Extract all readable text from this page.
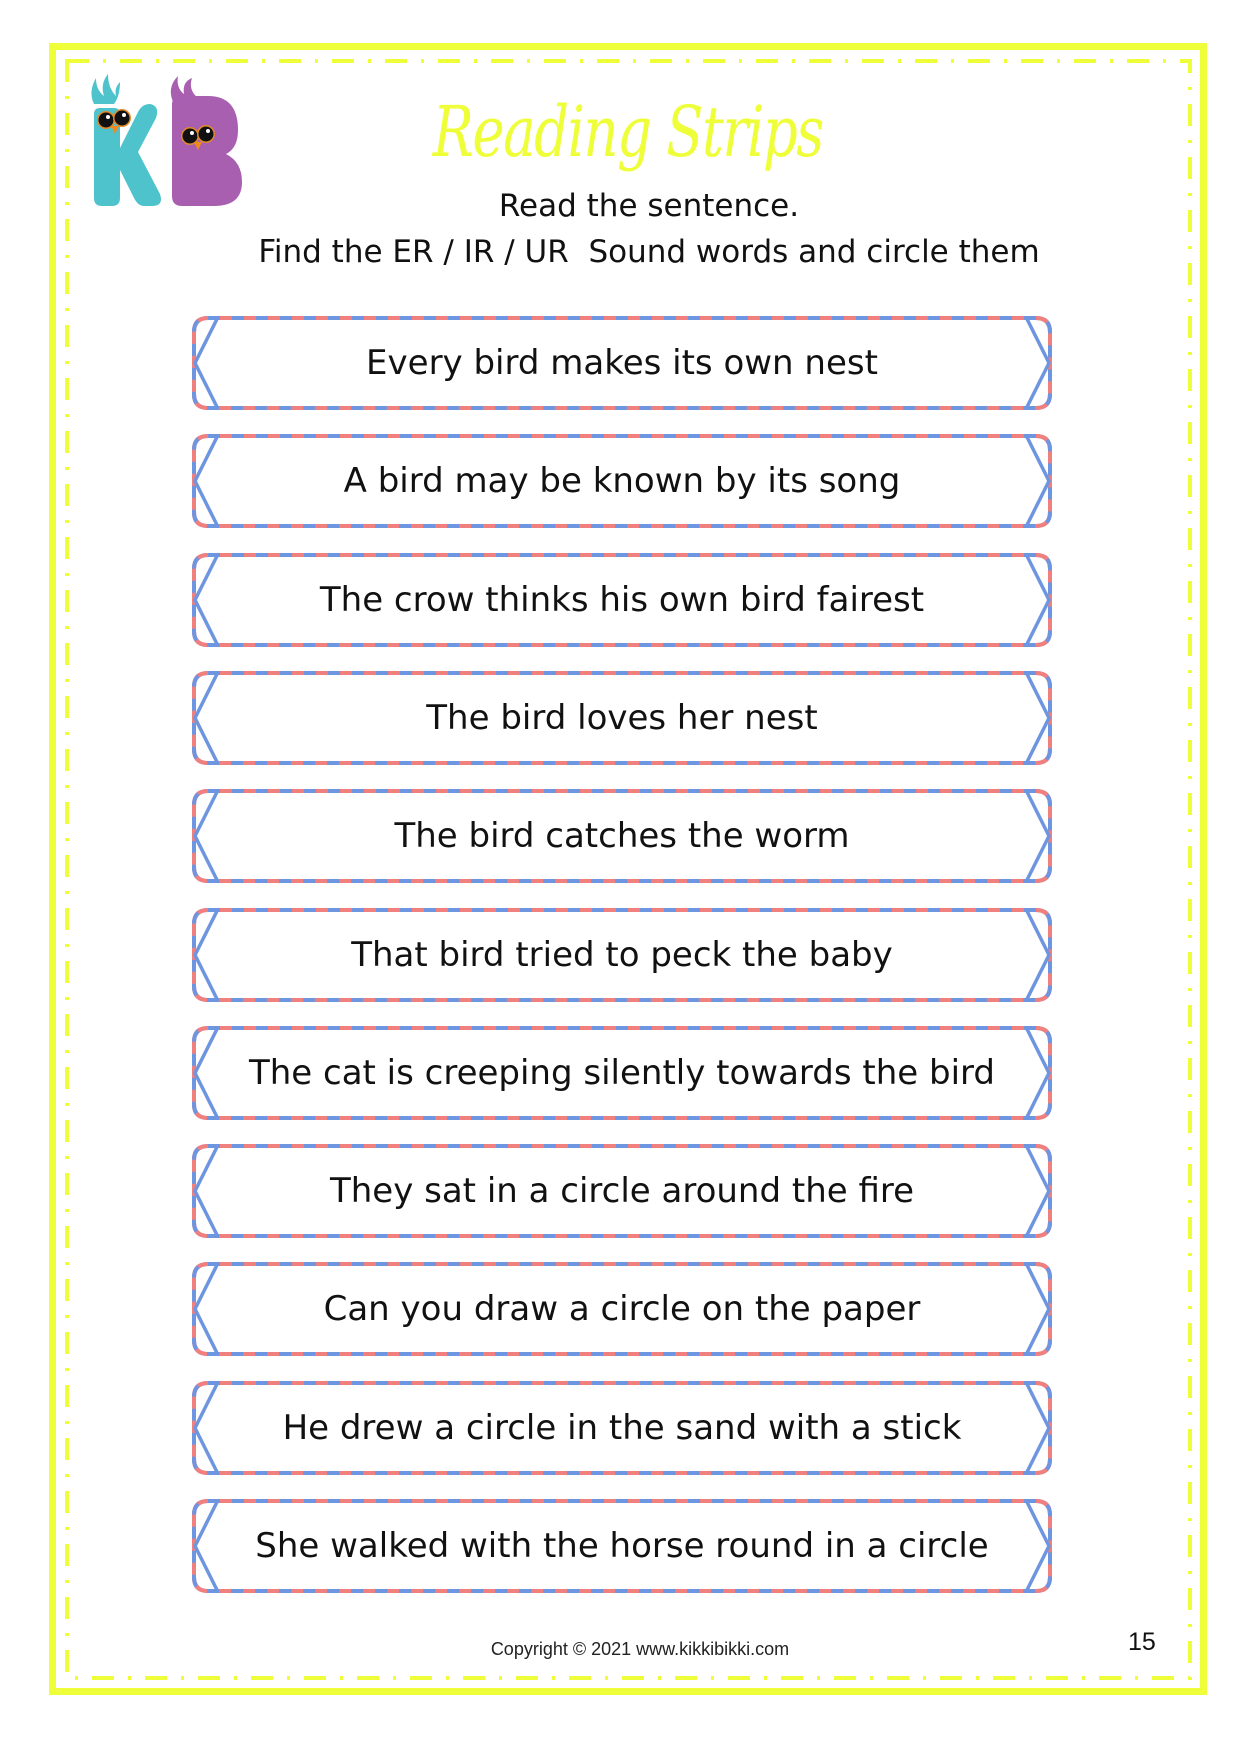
Reading Strips
Read the sentence.
Find the ER / IR / UR  Sound words and circle them
Every bird makes its own nest
A bird may be known by its song
The crow thinks his own bird fairest
The bird loves her nest
The bird catches the worm
That bird tried to peck the baby
The cat is creeping silently towards the bird
They sat in a circle around the fire
Can you draw a circle on the paper
He drew a circle in the sand with a stick
She walked with the horse round in a circle
Copyright © 2021 www.kikkibikki.com	15
